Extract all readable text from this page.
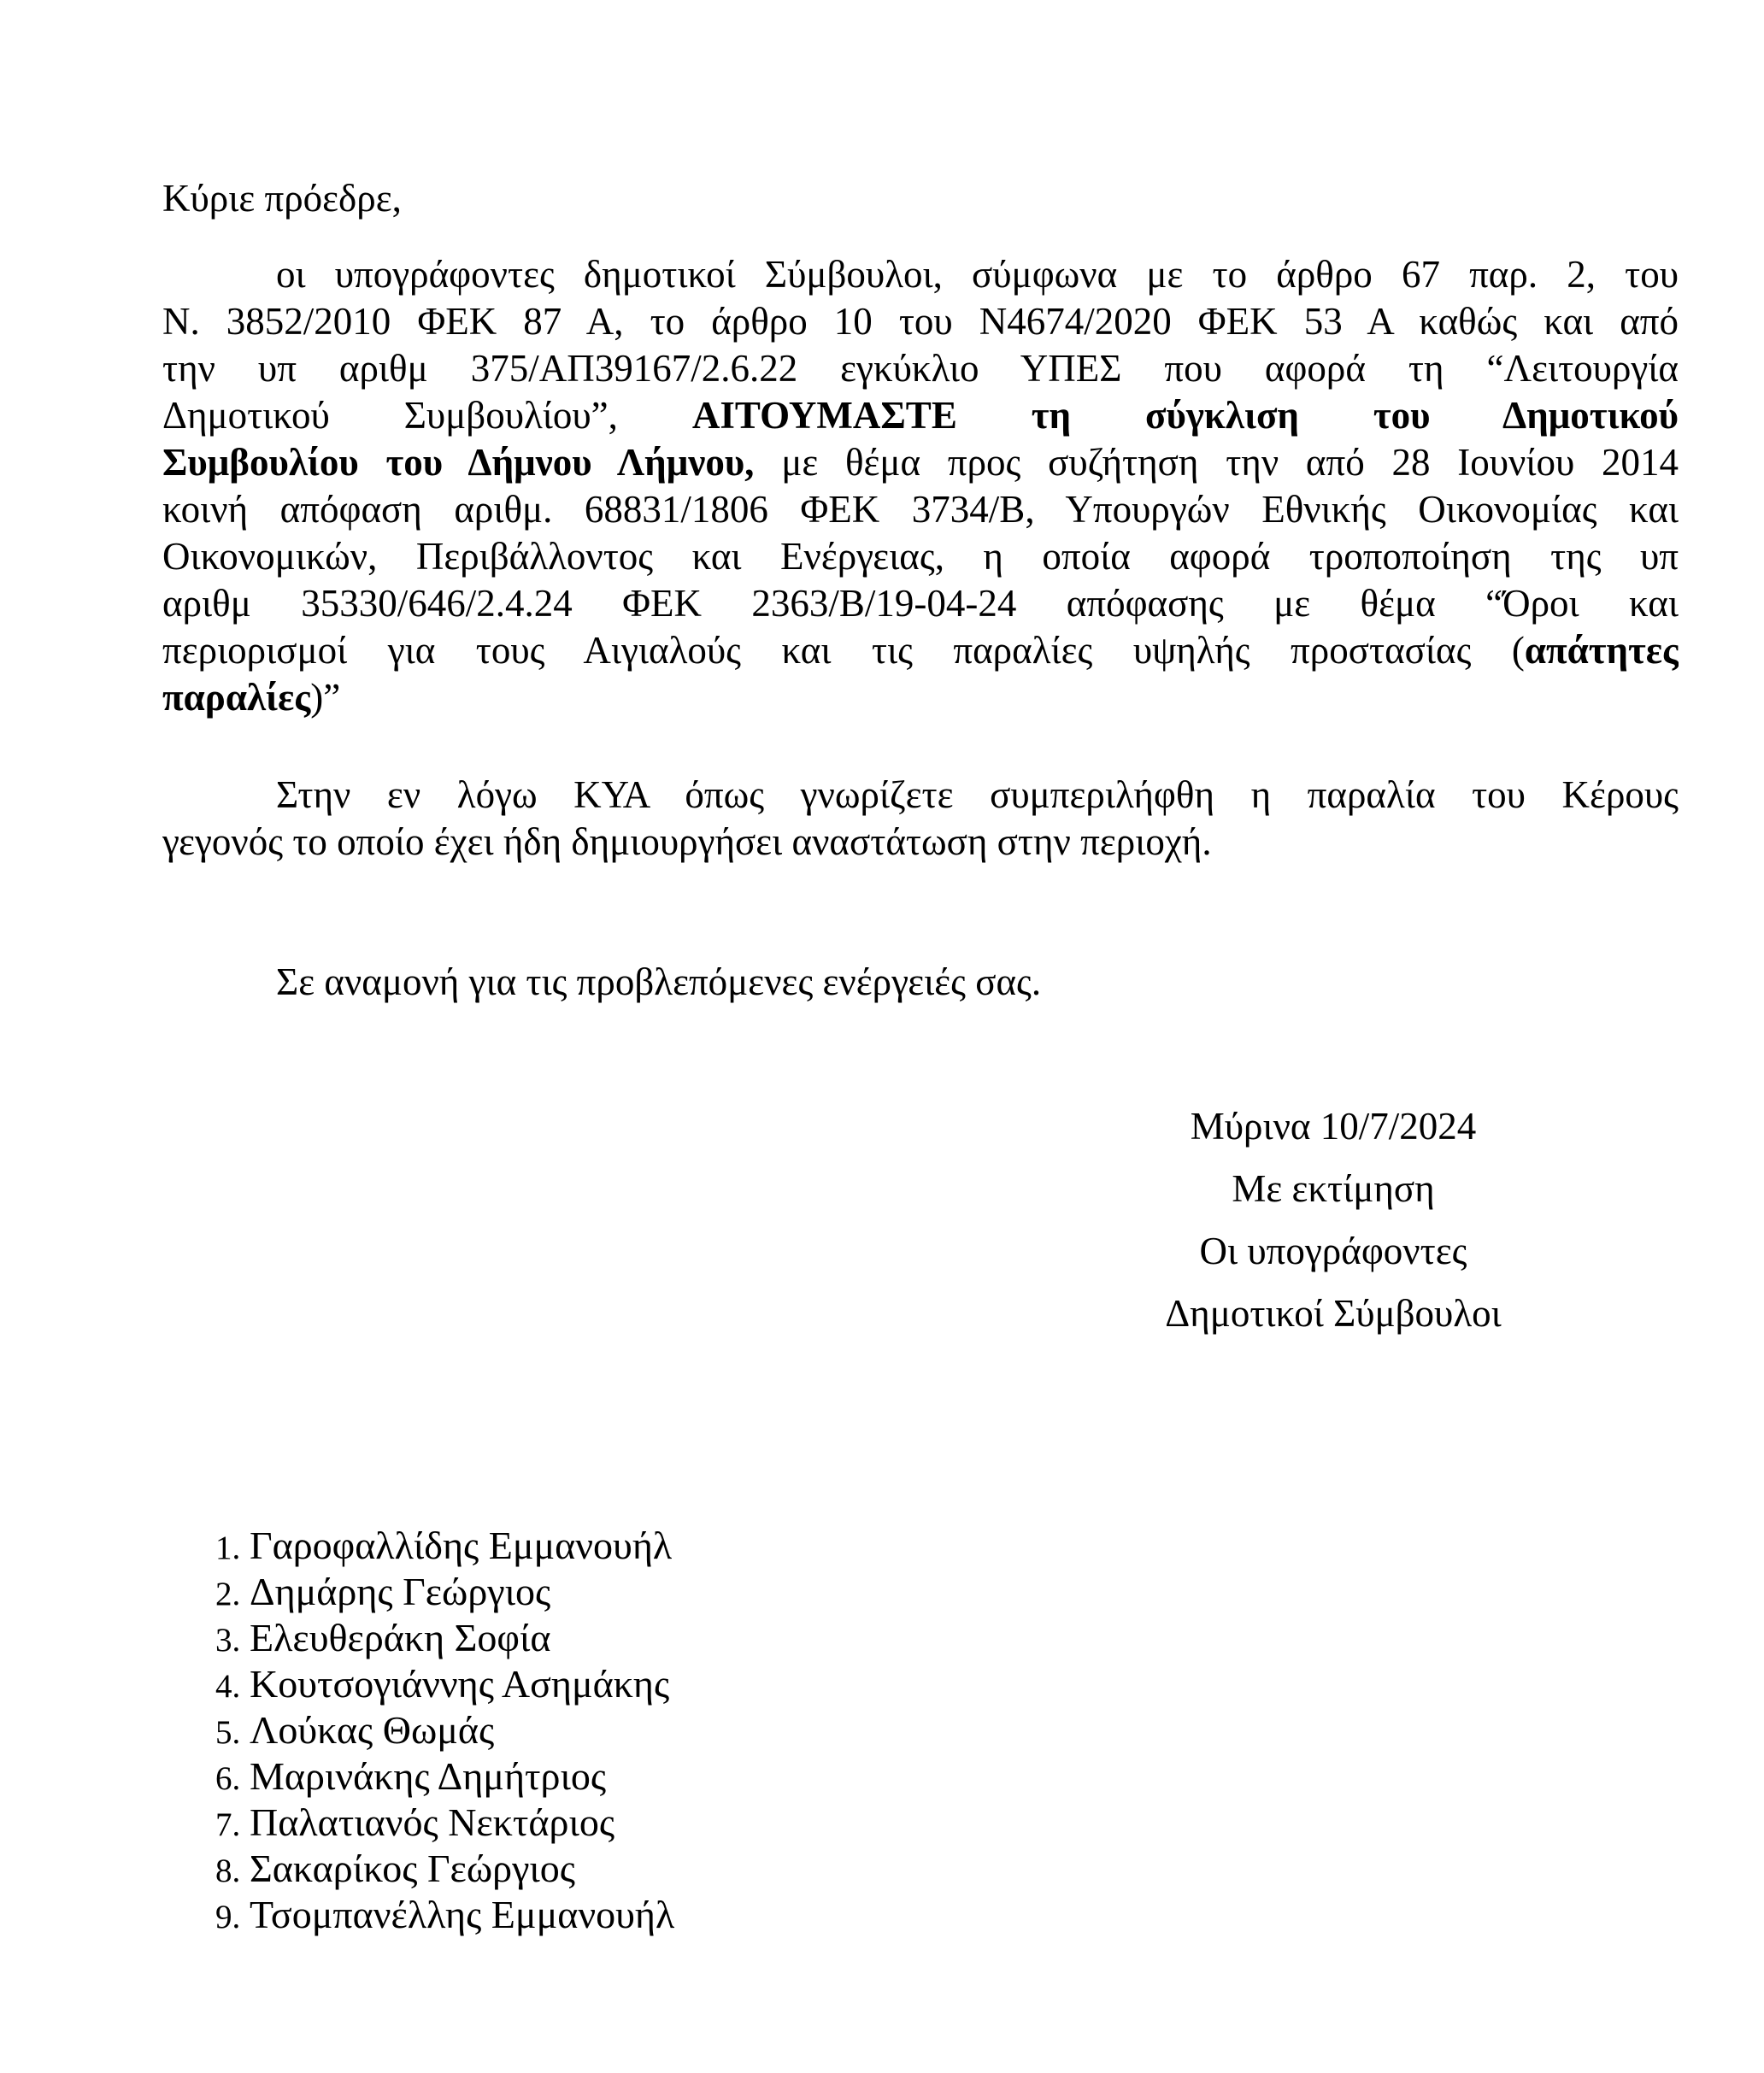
Κύριε πρόεδρε,

οι υπογράφοντες δημοτικοί Σύμβουλοι, σύμφωνα με το άρθρο 67 παρ. 2, του
Ν. 3852/2010 ΦΕΚ 87 Α, το άρθρο 10 του Ν4674/2020 ΦΕΚ 53 Α καθώς και από
την υπ αριθμ 375/ΑΠ39167/2.6.22 εγκύκλιο ΥΠΕΣ που αφορά τη “Λειτουργία
Δημοτικού Συμβουλίου”, ΑΙΤΟΥΜΑΣΤΕ τη σύγκλιση του Δημοτικού
Συμβουλίου του Δήμνου Λήμνου, με θέμα προς συζήτηση την από 28 Ιουνίου 2014
κοινή απόφαση αριθμ. 68831/1806 ΦΕΚ 3734/Β, Υπουργών Εθνικής Οικονομίας και
Οικονομικών, Περιβάλλοντος και Ενέργειας, η οποία αφορά τροποποίηση της υπ
αριθμ 35330/646/2.4.24 ΦΕΚ 2363/Β/19-04-24 απόφασης με θέμα “Όροι και
περιορισμοί για τους Αιγιαλούς και τις παραλίες υψηλής προστασίας (απάτητες
παραλίες)”
Στην εν λόγω ΚΥΑ όπως γνωρίζετε συμπεριλήφθη η παραλία του Κέρους
γεγονός το οποίο έχει ήδη δημιουργήσει αναστάτωση στην περιοχή.
Σε αναμονή για τις προβλεπόμενες ενέργειές σας.

Μύρινα 10/7/2024

Με εκτίμηση

Οι υπογράφοντες

Δημοτικοί Σύμβουλοι

1. Γαροφαλλίδης Εμμανουήλ
2. Δημάρης Γεώργιος
3. Ελευθεράκη Σοφία
4. Κουτσογιάννης Ασημάκης
5. Λούκας Θωμάς
6. Μαρινάκης Δημήτριος
7. Παλατιανός Νεκτάριος
8. Σακαρίκος Γεώργιος
9. Τσομπανέλλης Εμμανουήλ
